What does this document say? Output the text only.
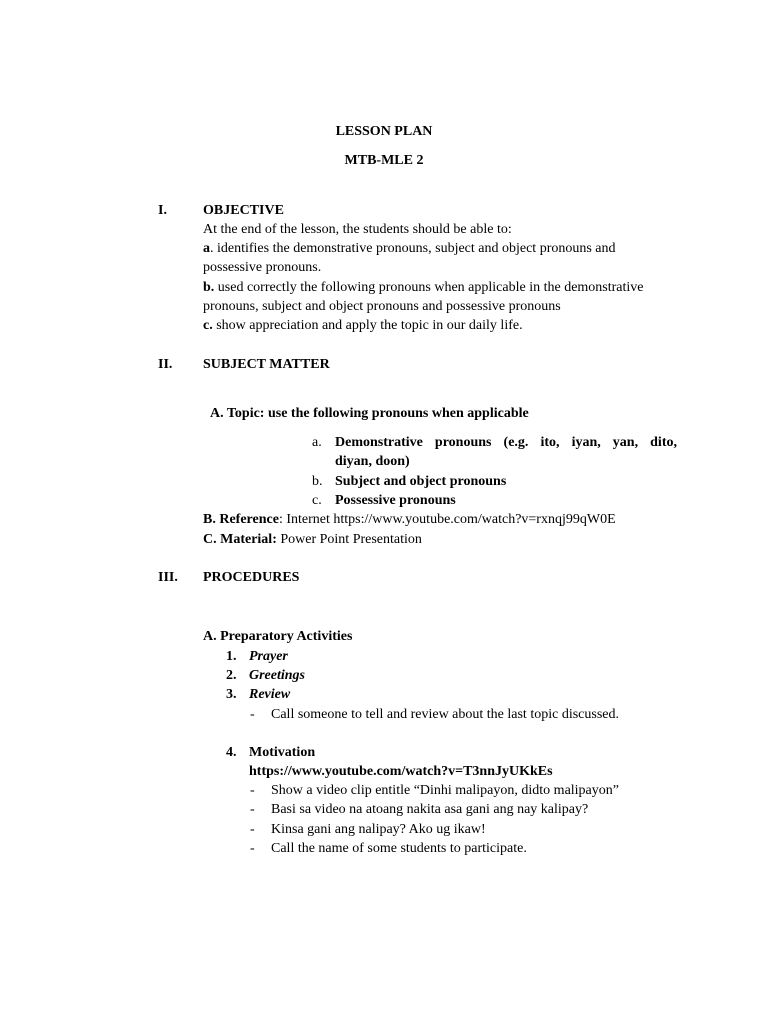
LESSON PLAN
MTB-MLE 2
I.	OBJECTIVE
At the end of the lesson, the students should be able to:
a. identifies the demonstrative pronouns, subject and object pronouns and
possessive pronouns.
b. used correctly the following pronouns when applicable in the demonstrative
pronouns, subject and object pronouns and possessive pronouns
c. show appreciation and apply the topic in our daily life.
II. SUBJECT MATTER
A. Topic: use the following pronouns when applicable
a. Demonstrative pronouns (e.g. ito, iyan, yan, dito,
diyan, doon)
b. Subject and object pronouns
c. Possessive pronouns
B. Reference: Internet https://www.youtube.com/watch?v=rxnqj99qW0E
C. Material: Power Point Presentation
III. PROCEDURES
A. Preparatory Activities
1. Prayer
2. Greetings
3. Review
- Call someone to tell and review about the last topic discussed.
4. Motivation
https://www.youtube.com/watch?v=T3nnJyUKkEs
- Show a video clip entitle “Dinhi malipayon, didto malipayon”
- Basi sa video na atoang nakita asa gani ang nay kalipay?
- Kinsa gani ang nalipay? Ako ug ikaw!
- Call the name of some students to participate.
